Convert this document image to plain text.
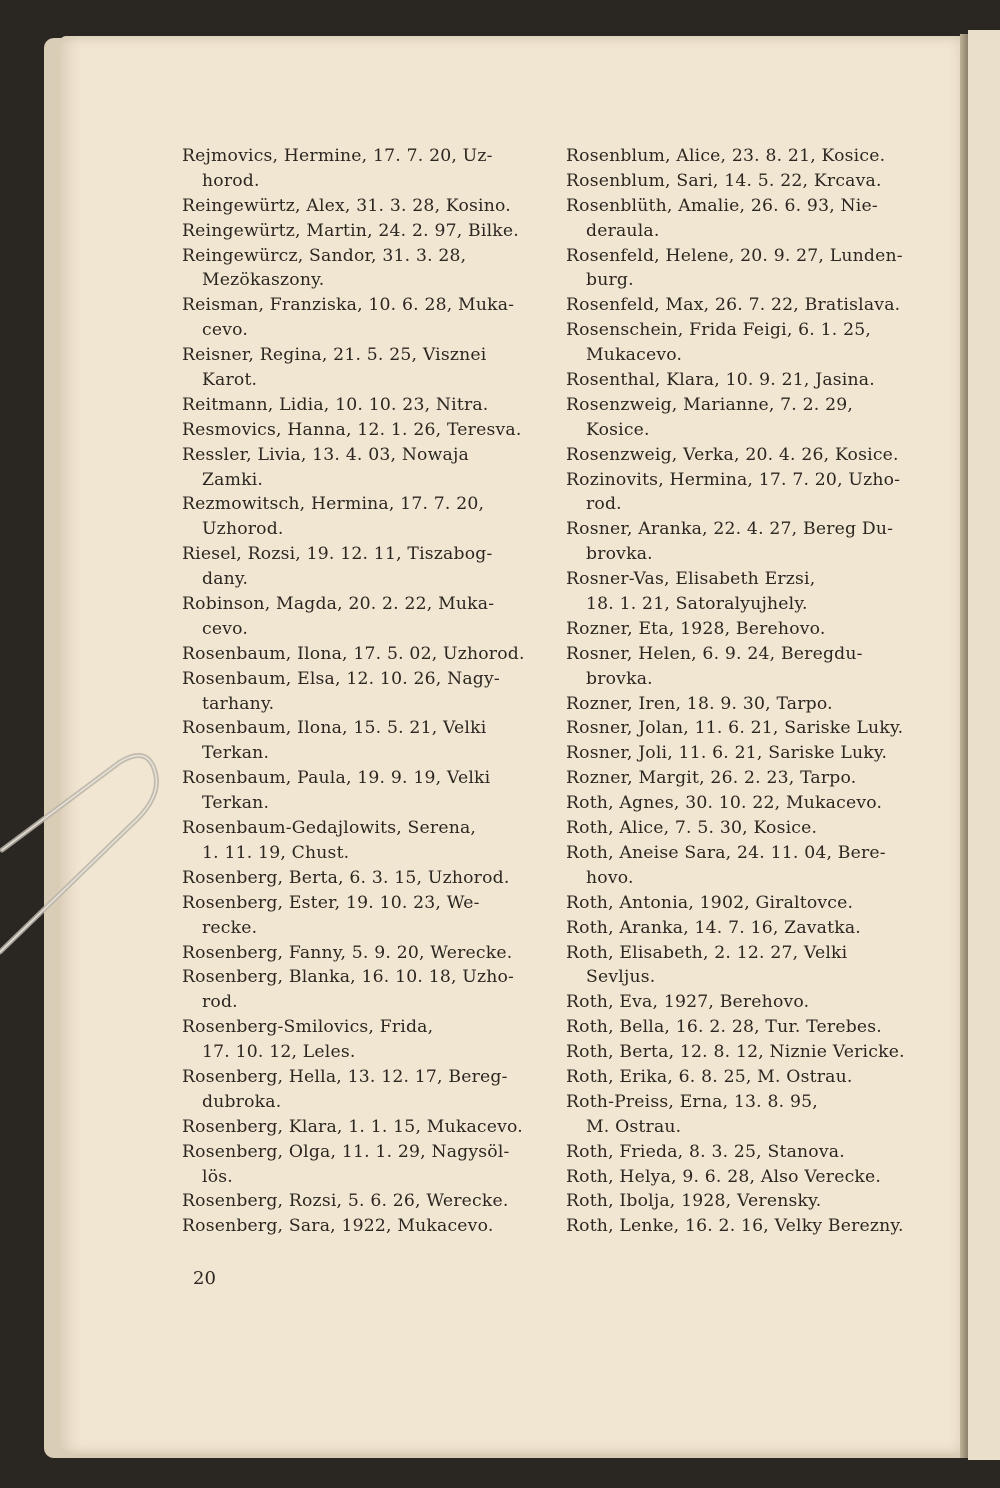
Rejmovics, Hermine, 17. 7. 20, Uz-
horod.
Reingewürtz, Alex, 31. 3. 28, Kosino.
Reingewürtz, Martin, 24. 2. 97, Bilke.
Reingewürcz, Sandor, 31. 3. 28,
Mezökaszony.
Reisman, Franziska, 10. 6. 28, Muka-
cevo.
Reisner, Regina, 21. 5. 25, Visznei
Karot.
Reitmann, Lidia, 10. 10. 23, Nitra.
Resmovics, Hanna, 12. 1. 26, Teresva.
Ressler, Livia, 13. 4. 03, Nowaja
Zamki.
Rezmowitsch, Hermina, 17. 7. 20,
Uzhorod.
Riesel, Rozsi, 19. 12. 11, Tiszabog-
dany.
Robinson, Magda, 20. 2. 22, Muka-
cevo.
Rosenbaum, Ilona, 17. 5. 02, Uzhorod.
Rosenbaum, Elsa, 12. 10. 26, Nagy-
tarhany.
Rosenbaum, Ilona, 15. 5. 21, Velki
Terkan.
Rosenbaum, Paula, 19. 9. 19, Velki
Terkan.
Rosenbaum-Gedajlowits, Serena,
1. 11. 19, Chust.
Rosenberg, Berta, 6. 3. 15, Uzhorod.
Rosenberg, Ester, 19. 10. 23, We-
recke.
Rosenberg, Fanny, 5. 9. 20, Werecke.
Rosenberg, Blanka, 16. 10. 18, Uzho-
rod.
Rosenberg-Smilovics, Frida,
17. 10. 12, Leles.
Rosenberg, Hella, 13. 12. 17, Bereg-
dubroka.
Rosenberg, Klara, 1. 1. 15, Mukacevo.
Rosenberg, Olga, 11. 1. 29, Nagysöl-
lös.
Rosenberg, Rozsi, 5. 6. 26, Werecke.
Rosenberg, Sara, 1922, Mukacevo.
Rosenblum, Alice, 23. 8. 21, Kosice.
Rosenblum, Sari, 14. 5. 22, Krcava.
Rosenblüth, Amalie, 26. 6. 93, Nie-
deraula.
Rosenfeld, Helene, 20. 9. 27, Lunden-
burg.
Rosenfeld, Max, 26. 7. 22, Bratislava.
Rosenschein, Frida Feigi, 6. 1. 25,
Mukacevo.
Rosenthal, Klara, 10. 9. 21, Jasina.
Rosenzweig, Marianne, 7. 2. 29,
Kosice.
Rosenzweig, Verka, 20. 4. 26, Kosice.
Rozinovits, Hermina, 17. 7. 20, Uzho-
rod.
Rosner, Aranka, 22. 4. 27, Bereg Du-
brovka.
Rosner-Vas, Elisabeth Erzsi,
18. 1. 21, Satoralyujhely.
Rozner, Eta, 1928, Berehovo.
Rosner, Helen, 6. 9. 24, Beregdu-
brovka.
Rozner, Iren, 18. 9. 30, Tarpo.
Rosner, Jolan, 11. 6. 21, Sariske Luky.
Rosner, Joli, 11. 6. 21, Sariske Luky.
Rozner, Margit, 26. 2. 23, Tarpo.
Roth, Agnes, 30. 10. 22, Mukacevo.
Roth, Alice, 7. 5. 30, Kosice.
Roth, Aneise Sara, 24. 11. 04, Bere-
hovo.
Roth, Antonia, 1902, Giraltovce.
Roth, Aranka, 14. 7. 16, Zavatka.
Roth, Elisabeth, 2. 12. 27, Velki
Sevljus.
Roth, Eva, 1927, Berehovo.
Roth, Bella, 16. 2. 28, Tur. Terebes.
Roth, Berta, 12. 8. 12, Niznie Vericke.
Roth, Erika, 6. 8. 25, M. Ostrau.
Roth-Preiss, Erna, 13. 8. 95,
M. Ostrau.
Roth, Frieda, 8. 3. 25, Stanova.
Roth, Helya, 9. 6. 28, Also Verecke.
Roth, Ibolja, 1928, Verensky.
Roth, Lenke, 16. 2. 16, Velky Berezny.
20
